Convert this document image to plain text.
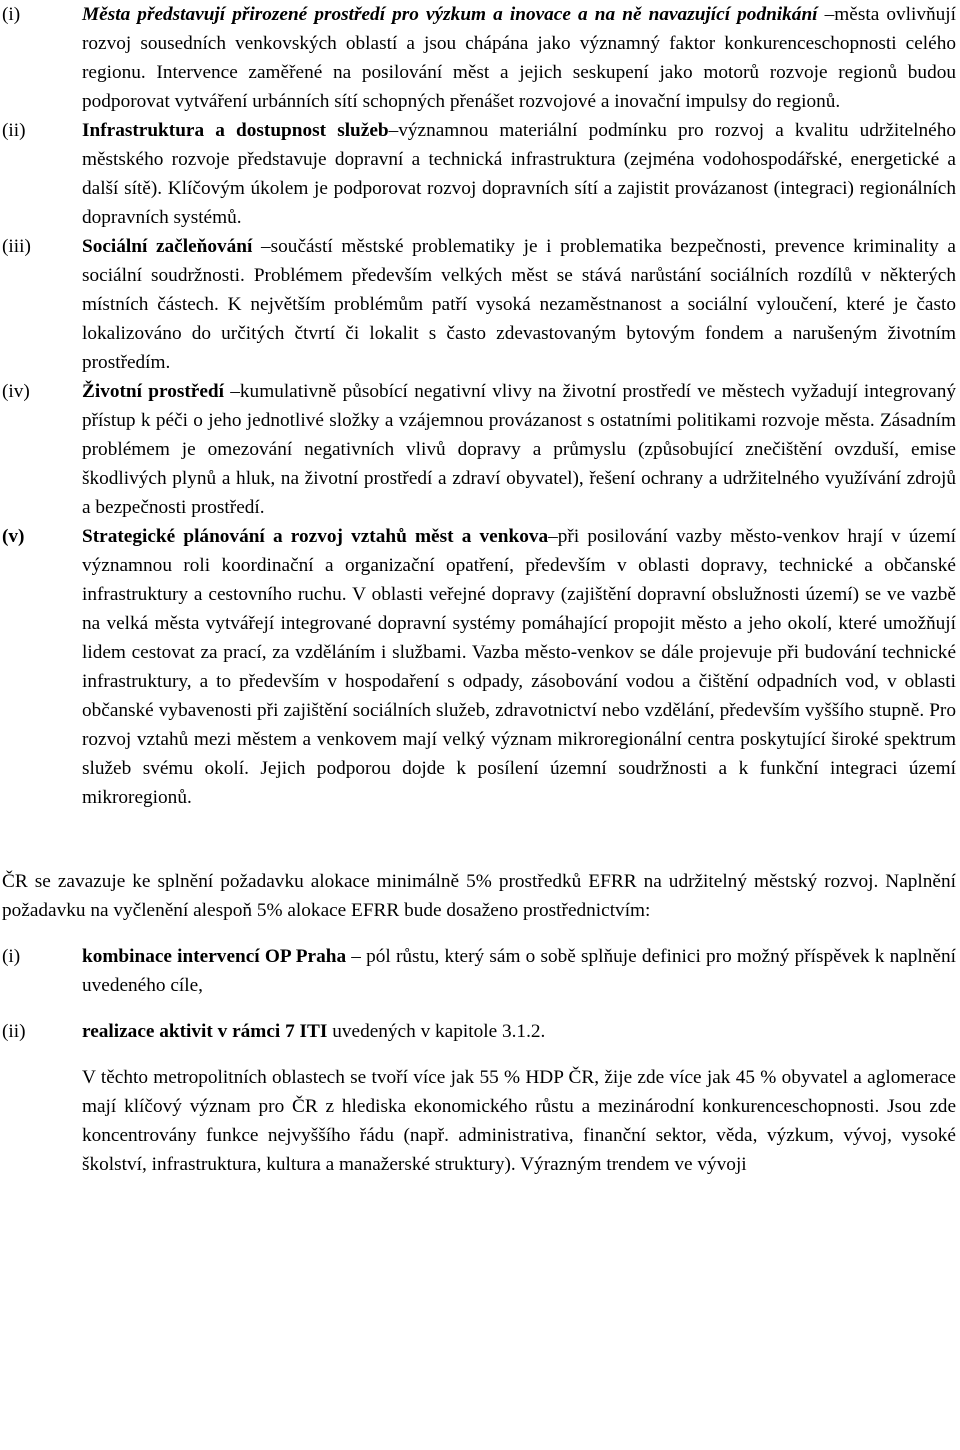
(i)	Města představují přirozené prostředí pro výzkum a inovace a na ně navazující podnikání –města ovlivňují rozvoj sousedních venkovských oblastí a jsou chápána jako významný faktor konkurenceschopnosti celého regionu. Intervence zaměřené na posilování měst a jejich seskupení jako motorů rozvoje regionů budou podporovat vytváření urbánních sítí schopných přenášet rozvojové a inovační impulsy do regionů.
(ii)	Infrastruktura a dostupnost služeb–významnou materiální podmínku pro rozvoj a kvalitu udržitelného městského rozvoje představuje dopravní a technická infrastruktura (zejména vodohospodářské, energetické a další sítě). Klíčovým úkolem je podporovat rozvoj dopravních sítí a zajistit provázanost (integraci) regionálních dopravních systémů.
(iii)	Sociální začleňování –součástí městské problematiky je i problematika bezpečnosti, prevence kriminality a sociální soudržnosti. Problémem především velkých měst se stává narůstání sociálních rozdílů v některých místních částech. K největším problémům patří vysoká nezaměstnanost a sociální vyloučení, které je často lokalizováno do určitých čtvrtí či lokalit s často zdevastovaným bytovým fondem a narušeným životním prostředím.
(iv)	Životní prostředí –kumulativně působící negativní vlivy na životní prostředí ve městech vyžadují integrovaný přístup k péči o jeho jednotlivé složky a vzájemnou provázanost s ostatními politikami rozvoje města. Zásadním problémem je omezování negativních vlivů dopravy a průmyslu (způsobující znečištění ovzduší, emise škodlivých plynů a hluk, na životní prostředí a zdraví obyvatel), řešení ochrany a udržitelného využívání zdrojů a bezpečnosti prostředí.
(v)	Strategické plánování a rozvoj vztahů měst a venkova–při posilování vazby město-venkov hrají v území významnou roli koordinační a organizační opatření, především v oblasti dopravy, technické a občanské infrastruktury a cestovního ruchu. V oblasti veřejné dopravy (zajištění dopravní obslužnosti území) se ve vazbě na velká města vytvářejí integrované dopravní systémy pomáhající propojit město a jeho okolí, které umožňují lidem cestovat za prací, za vzděláním i službami. Vazba město-venkov se dále projevuje při budování technické infrastruktury, a to především v hospodaření s odpady, zásobování vodou a čištění odpadních vod, v oblasti občanské vybavenosti při zajištění sociálních služeb, zdravotnictví nebo vzdělání, především vyššího stupně. Pro rozvoj vztahů mezi městem a venkovem mají velký význam mikroregionální centra poskytující široké spektrum služeb svému okolí. Jejich podporou dojde k posílení územní soudržnosti a k funkční integraci území mikroregionů.
ČR se zavazuje ke splnění požadavku alokace minimálně 5% prostředků EFRR na udržitelný městský rozvoj. Naplnění požadavku na vyčlenění alespoň 5% alokace EFRR bude dosaženo prostřednictvím:
(i)	kombinace intervencí OP Praha – pól růstu, který sám o sobě splňuje definici pro možný příspěvek k naplnění uvedeného cíle,
(ii)	realizace aktivit v rámci 7 ITI uvedených v kapitole 3.1.2.
V těchto metropolitních oblastech se tvoří více jak 55 % HDP ČR, žije zde více jak 45 % obyvatel a aglomerace mají klíčový význam pro ČR z hlediska ekonomického růstu a mezinárodní konkurenceschopnosti. Jsou zde koncentrovány funkce nejvyššího řádu (např. administrativa, finanční sektor, věda, výzkum, vývoj, vysoké školství, infrastruktura, kultura a manažerské struktury). Výrazným trendem ve vývoji
